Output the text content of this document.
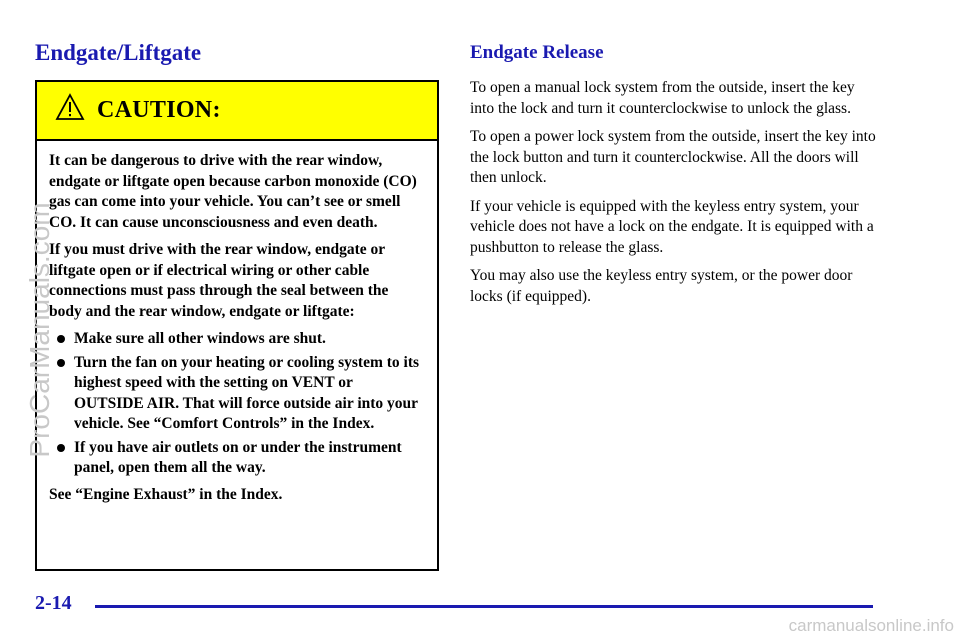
Endgate/Liftgate
CAUTION:

It can be dangerous to drive with the rear window, endgate or liftgate open because carbon monoxide (CO) gas can come into your vehicle. You can’t see or smell CO. It can cause unconsciousness and even death.

If you must drive with the rear window, endgate or liftgate open or if electrical wiring or other cable connections must pass through the seal between the body and the rear window, endgate or liftgate:

Make sure all other windows are shut.
Turn the fan on your heating or cooling system to its highest speed with the setting on VENT or OUTSIDE AIR. That will force outside air into your vehicle. See “Comfort Controls” in the Index.
If you have air outlets on or under the instrument panel, open them all the way.

See “Engine Exhaust” in the Index.

Endgate Release

To open a manual lock system from the outside, insert the key into the lock and turn it counterclockwise to unlock the glass.

To open a power lock system from the outside, insert the key into the lock button and turn it counterclockwise. All the doors will then unlock.

If your vehicle is equipped with the keyless entry system, your vehicle does not have a lock on the endgate. It is equipped with a pushbutton to release the glass.

You may also use the keyless entry system, or the power door locks (if equipped).

2-14
ProCarManuals.com
carmanualsonline.info
